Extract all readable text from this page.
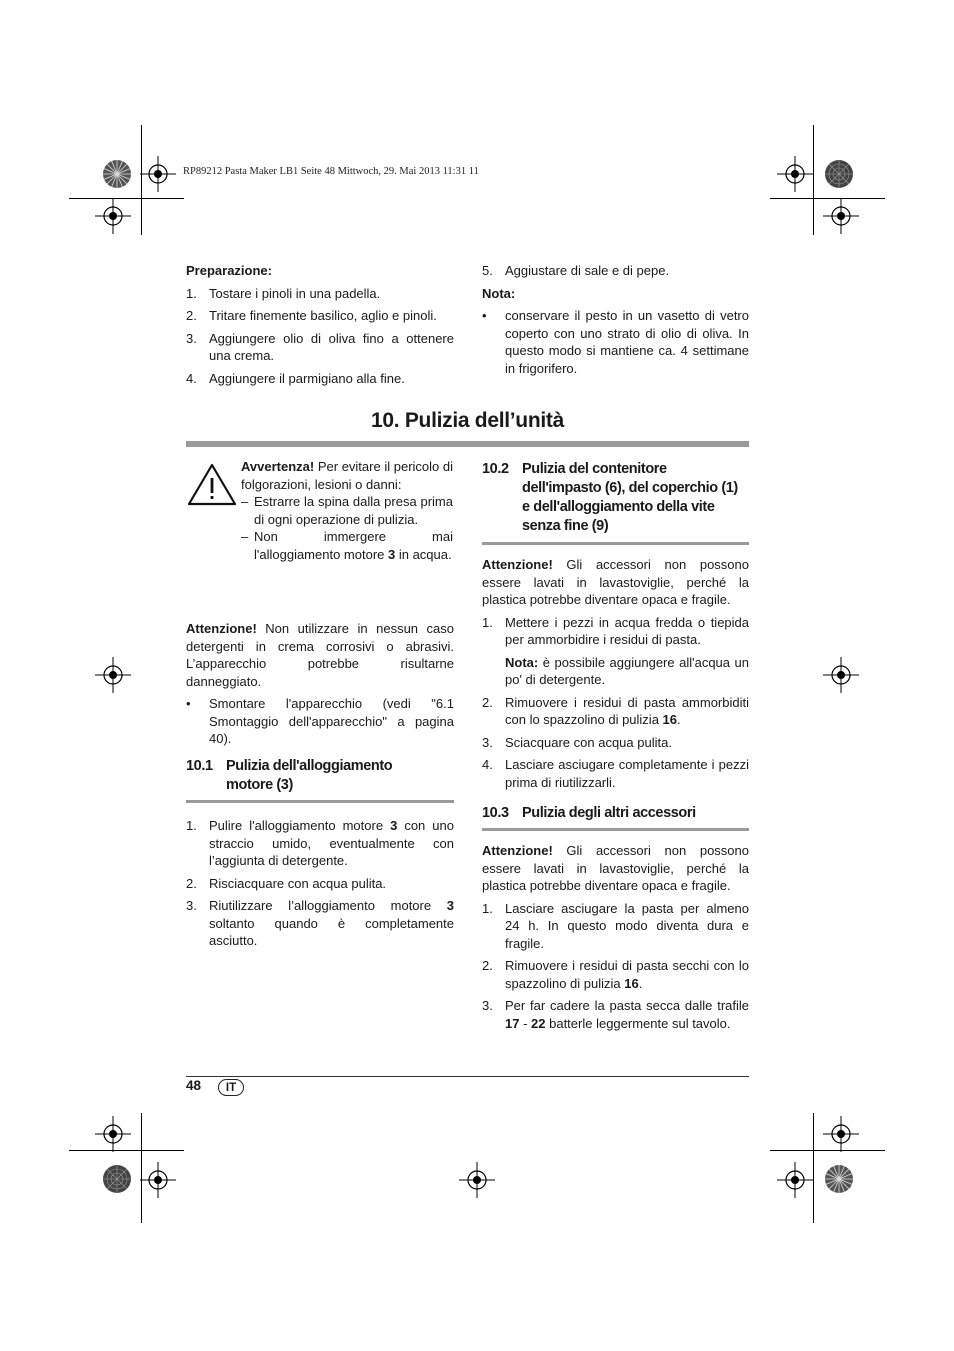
RP89212 Pasta Maker LB1 Seite 48 Mittwoch, 29. Mai 2013 11:31 11
Preparazione:
1. Tostare i pinoli in una padella.
2. Tritare finemente basilico, aglio e pinoli.
3. Aggiungere olio di oliva fino a ottenere una crema.
4. Aggiungere il parmigiano alla fine.
5. Aggiustare di sale e di pepe.
Nota:
• conservare il pesto in un vasetto di vetro coperto con uno strato di olio di oliva. In questo modo si mantiene ca. 4 settimane in frigorifero.
10. Pulizia dell’unità
Avvertenza! Per evitare il pericolo di folgorazioni, lesioni o danni:
– Estrarre la spina dalla presa prima di ogni operazione di pulizia.
– Non immergere mai l'alloggiamento motore 3 in acqua.
Attenzione! Non utilizzare in nessun caso detergenti in crema corrosivi o abrasivi. L’apparecchio potrebbe risultarne danneggiato.
• Smontare l'apparecchio (vedi "6.1 Smontaggio dell'apparecchio" a pagina 40).
10.1 Pulizia dell'alloggiamento motore (3)
1. Pulire l'alloggiamento motore 3 con uno straccio umido, eventualmente con l’aggiunta di detergente.
2. Risciacquare con acqua pulita.
3. Riutilizzare l’alloggiamento motore 3 soltanto quando è completamente asciutto.
10.2 Pulizia del contenitore dell'impasto (6), del coperchio (1) e dell'alloggiamento della vite senza fine (9)
Attenzione! Gli accessori non possono essere lavati in lavastoviglie, perché la plastica potrebbe diventare opaca e fragile.
1. Mettere i pezzi in acqua fredda o tiepida per ammorbidire i residui di pasta.
Nota: è possibile aggiungere all'acqua un po' di detergente.
2. Rimuovere i residui di pasta ammorbiditi con lo spazzolino di pulizia 16.
3. Sciacquare con acqua pulita.
4. Lasciare asciugare completamente i pezzi prima di riutilizzarli.
10.3 Pulizia degli altri accessori
Attenzione! Gli accessori non possono essere lavati in lavastoviglie, perché la plastica potrebbe diventare opaca e fragile.
1. Lasciare asciugare la pasta per almeno 24 h. In questo modo diventa dura e fragile.
2. Rimuovere i residui di pasta secchi con lo spazzolino di pulizia 16.
3. Per far cadere la pasta secca dalle trafile 17 - 22 batterle leggermente sul tavolo.
48	IT
